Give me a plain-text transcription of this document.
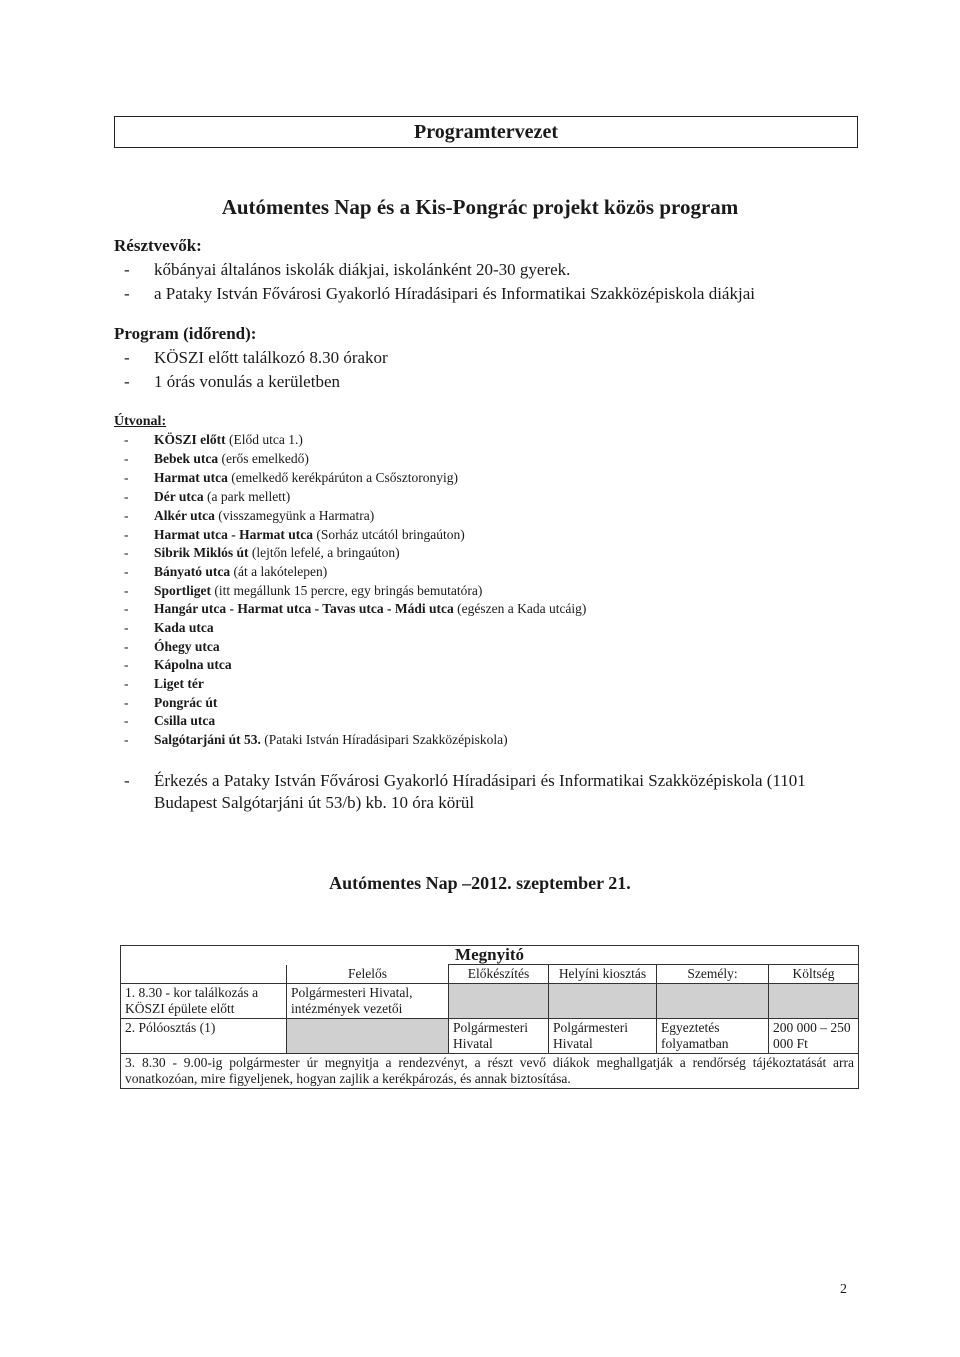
Programtervezet
Autómentes Nap és a Kis-Pongrác projekt közös program
Résztvevők:
- kőbányai általános iskolák diákjai, iskolánként 20-30 gyerek.
- a Pataky István Fővárosi Gyakorló Híradásipari és Informatikai Szakközépiskola diákjai
Program (időrend):
- KÖSZI előtt találkozó 8.30 órakor
- 1 órás vonulás a kerületben
Útvonal:
- KÖSZI előtt (Előd utca 1.)
- Bebek utca (erős emelkedő)
- Harmat utca (emelkedő kerékpárúton a Csősztoronyig)
- Dér utca (a park mellett)
- Alkér utca (visszamegyünk a Harmatra)
- Harmat utca - Harmat utca (Sorház utcától bringaúton)
- Sibrik Miklós út (lejtőn lefelé, a bringaúton)
- Bányató utca (át a lakótelepen)
- Sportliget (itt megállunk 15 percre, egy bringás bemutatóra)
- Hangár utca - Harmat utca - Tavas utca - Mádi utca (egészen a Kada utcáig)
- Kada utca
- Óhegy utca
- Kápolna utca
- Liget tér
- Pongrác út
- Csilla utca
- Salgótarjáni út 53. (Pataki István Híradásipari Szakközépiskola)
- Érkezés a Pataky István Fővárosi Gyakorló Híradásipari és Informatikai Szakközépiskola (1101 Budapest Salgótarjáni út 53/b) kb. 10 óra körül
Autómentes Nap –2012. szeptember 21.
Megnyitó					
	Felelős	Előkészítés	Helyíni kiosztás	Személy:	Költség
1. 8.30 - kor találkozás a KÖSZI épülete előtt	Polgármesteri Hivatal, intézmények vezetői				
2. Pólóosztás (1)		Polgármesteri Hivatal	Polgármesteri Hivatal	Egyeztetés folyamatban	200 000 – 250 000 Ft
3. 8.30 - 9.00-ig polgármester úr megnyitja a rendezvényt, a részt vevő diákok meghallgatják a rendőrség tájékoztatását arra vonatkozóan, mire figyeljenek, hogyan zajlik a kerékpározás, és annak biztosítása.					
2
